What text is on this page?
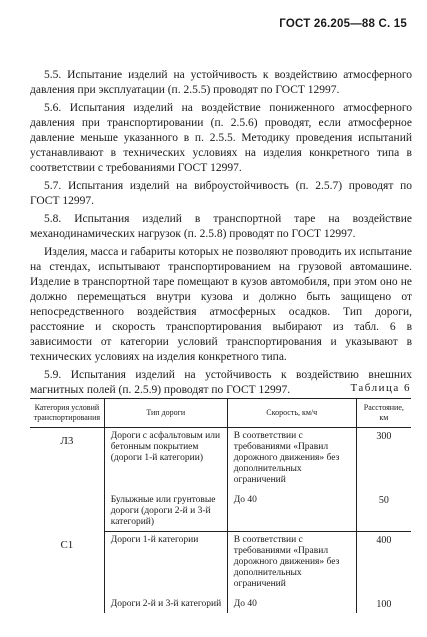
ГОСТ 26.205—88 С. 15

5.5. Испытание изделий на устойчивость к воздействию атмосферного давления при эксплуатации (п. 2.5.5) проводят по ГОСТ 12997.

5.6. Испытания изделий на воздействие пониженного атмосферного давления при транспортировании (п. 2.5.6) проводят, если атмосферное давление меньше указанного в п. 2.5.5. Методику проведения испытаний устанавливают в технических условиях на изделия конкретного типа в соответствии с требованиями ГОСТ 12997.

5.7. Испытания изделий на виброустойчивость (п. 2.5.7) проводят по ГОСТ 12997.

5.8. Испытания изделий в транспортной таре на воздействие механодинамических нагрузок (п. 2.5.8) проводят по ГОСТ 12997.

Изделия, масса и габариты которых не позволяют проводить их испытание на стендах, испытывают транспортированием на грузовой автомашине. Изделие в транспортной таре помещают в кузов автомобиля, при этом оно не должно перемещаться внутри кузова и должно быть защищено от непосредственного воздействия атмосферных осадков. Тип дороги, расстояние и скорость транспортирования выбирают из табл. 6 в зависимости от категории условий транспортирования и указывают в технических условиях на изделия конкретного типа.

5.9. Испытания изделий на устойчивость к воздействию внешних магнитных полей (п. 2.5.9) проводят по ГОСТ 12997.	Таблица 6
Категория условий транспортирования	Тип дороги	Скорость, км/ч	Расстояние, км
Л3	Дороги с асфальтовым или бетонным покрытием (дороги 1-й категории)	В соответствии с требованиями «Правил дорожного движения» без дополнительных ограничений	300
	Булыжные или грунтовые дороги (дороги 2-й и 3-й категорий)	До 40	50
С1	Дороги 1-й категории	В соответствии с требованиями «Правил дорожного движения» без дополнительных ограничений	400
	Дороги 2-й и 3-й категорий	До 40	100
